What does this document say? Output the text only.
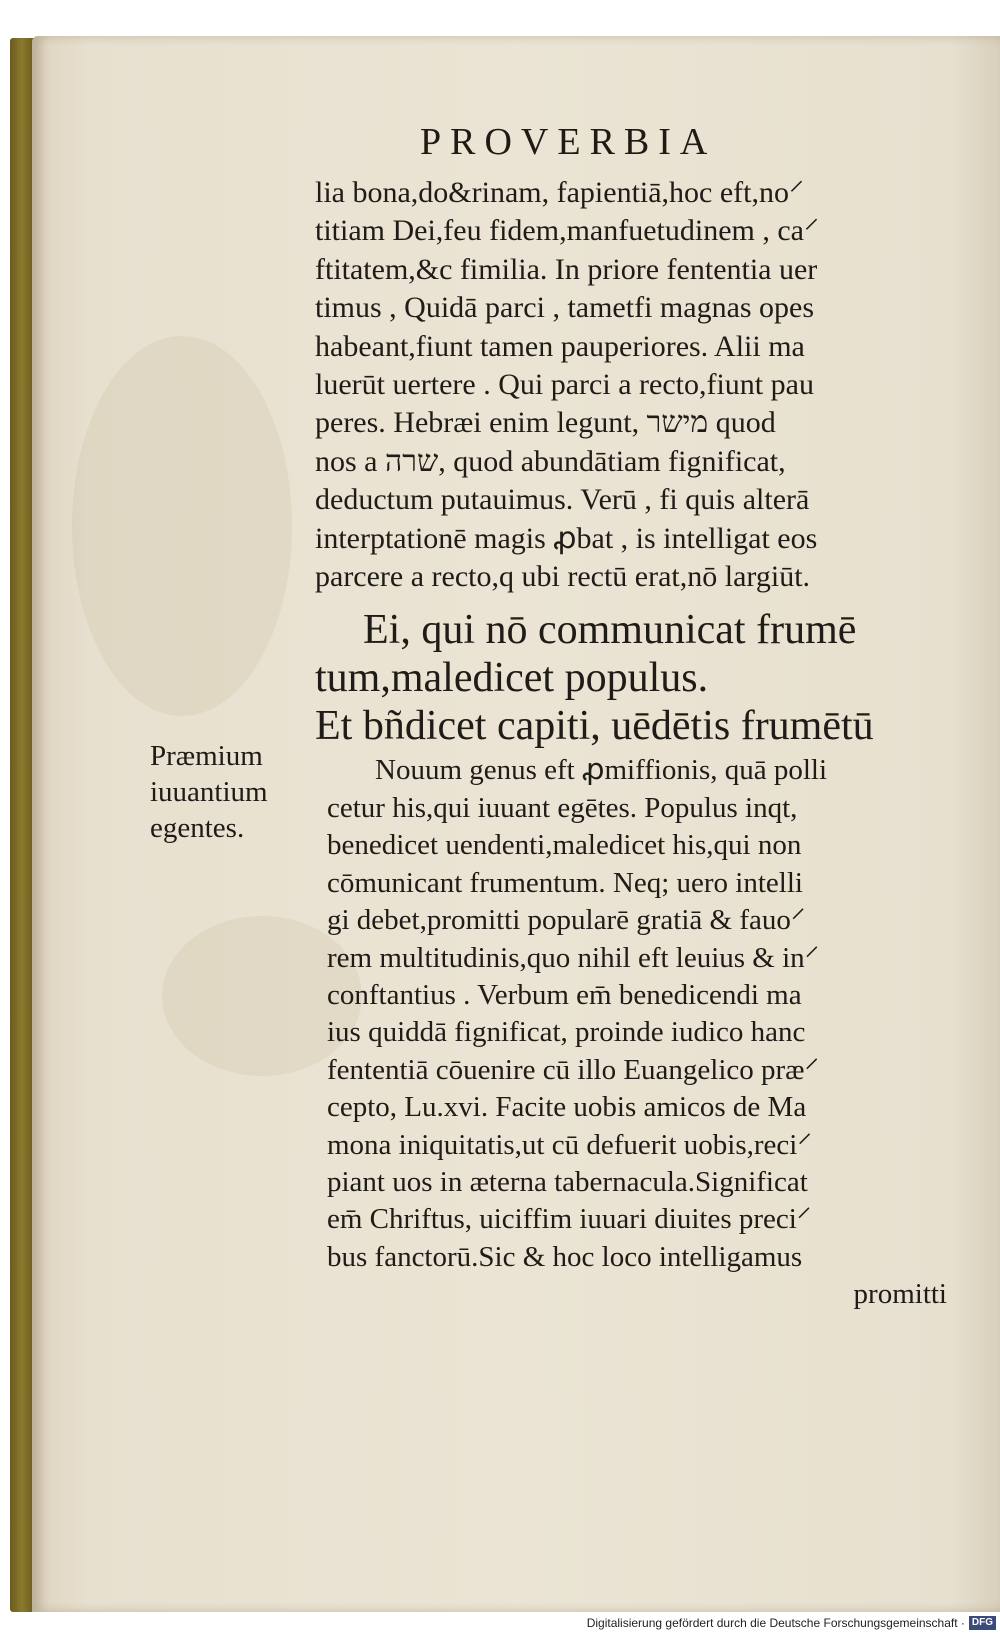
PROVERBIA
Præmium
iuuantium
egentes.
lia bona,do&rinam, fapientiā,hoc eft,no⸍
titiam Dei,feu fidem,manfuetudinem , ca⸍
ftitatem,&c fimilia. In priore fententia uer
timus , Quidā parci , tametfi magnas opes
habeant,fiunt tamen pauperiores. Alii ma
luerūt uertere . Qui parci a recto,fiunt pau
peres. Hebræi enim legunt, מישר quod
nos a שרה, quod abundātiam fignificat,
deductum putauimus. Verū , fi quis alterā
interptationē magis ꝓbat , is intelligat eos
parcere a recto,q ubi rectū erat,nō largiūt.
Ei, qui nō communicat frumē
tum,maledicet populus.
Et bñdicet capiti, uēdētis frumētū
Nouum genus eft ꝓmiffionis, quā polli
cetur his,qui iuuant egētes. Populus inqt,
benedicet uendenti,maledicet his,qui non
cōmunicant frumentum. Neq; uero intelli
gi debet,promitti popularē gratiā & fauo⸍
rem multitudinis,quo nihil eft leuius & in⸍
conftantius . Verbum em̄ benedicendi ma
ius quiddā fignificat, proinde iudico hanc
fententiā cōuenire cū illo Euangelico præ⸍
cepto, Lu.xvi. Facite uobis amicos de Ma
mona iniquitatis,ut cū defuerit uobis,reci⸍
piant uos in æterna tabernacula.Significat
em̄ Chriftus, uiciffim iuuari diuites preci⸍
bus fanctorū.Sic & hoc loco intelligamus
promitti
Digitalisierung gefördert durch die Deutsche Forschungsgemeinschaft · DFG
